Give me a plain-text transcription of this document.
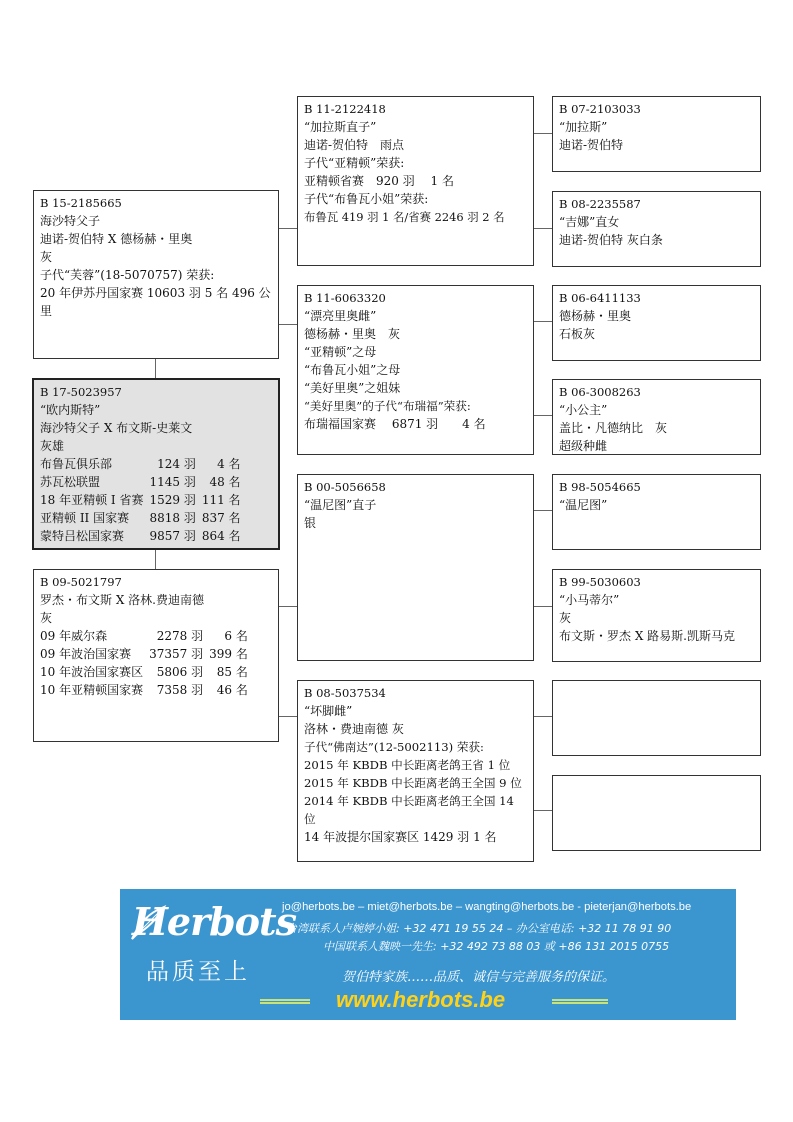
B 15-2185665
海沙特父子
迪诺-贺伯特 X 德杨赫・里奥
灰
子代“芙蓉”(18-5070757) 荣获:
20 年伊苏丹国家赛 10603 羽 5 名 496 公里
B 17-5023957
“欧内斯特”
海沙特父子 X 布文斯-史莱文
灰雄
布鲁瓦俱乐部	124 羽	4 名
苏瓦松联盟	1145 羽	48 名
18 年亚精顿 I 省赛	1529 羽	111 名
亚精顿 II 国家赛	8818 羽	837 名
蒙特吕松国家赛	9857 羽	864 名
B 09-5021797
罗杰・布文斯 X 洛林.费迪南德
灰
09 年威尔森	2278 羽	6 名
09 年波治国家赛	37357 羽	399 名
10 年波治国家赛区	5806 羽	85 名
10 年亚精顿国家赛	7358 羽	46 名
B 11-2122418
“加拉斯直子”
迪诺-贺伯特　雨点
子代“亚精顿”荣获:
亚精顿省赛　920 羽　 1 名
子代“布鲁瓦小姐”荣获:
布鲁瓦 419 羽 1 名/省赛 2246 羽 2 名
B 11-6063320
“漂亮里奥雌”
德杨赫・里奥　灰
“亚精顿”之母
“布鲁瓦小姐”之母
“美好里奥”之姐妹
“美好里奥”的子代“布瑞福”荣获:
布瑞福国家赛　 6871 羽　　4 名
B 00-5056658
“温尼图”直子
银
B 08-5037534
“坏脚雌”
洛林・费迪南德 灰
子代“佛南达”(12-5002113) 荣获:
2015 年 KBDB 中长距离老鸽王省 1 位
2015 年 KBDB 中长距离老鸽王全国 9 位
2014 年 KBDB 中长距离老鸽王全国 14 位
14 年波提尔国家赛区 1429 羽 1 名
B 07-2103033
“加拉斯”
迪诺-贺伯特
B 08-2235587
“吉娜”直女
迪诺-贺伯特 灰白条
B 06-6411133
德杨赫・里奥
石板灰
B 06-3008263
“小公主”
盖比・凡德纳比　灰
超级种雌
B 98-5054665
“温尼图”
B 99-5030603
“小马蒂尔”
灰
布文斯・罗杰 X 路易斯.凯斯马克
Herbots
品质至上
jo@herbots.be – miet@herbots.be – wangting@herbots.be - pieterjan@herbots.be
台湾联系人卢婉婷小姐: +32 471 19 55 24 – 办公室电话: +32 11 78 91 90
中国联系人魏映一先生: +32 492 73 88 03 或 +86 131 2015 0755
贺伯特家族……品质、诚信与完善服务的保证。
www.herbots.be
